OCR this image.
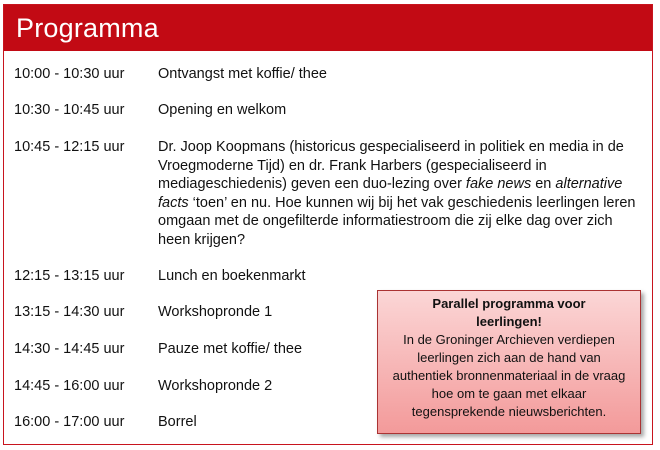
Programma
10:00 - 10:30 uur Ontvangst met koffie/ thee
10:30 - 10:45 uur Opening en welkom
10:45 - 12:15 uur Dr. Joop Koopmans (historicus gespecialiseerd in politiek en media in de Vroegmoderne Tijd) en dr. Frank Harbers (gespecialiseerd in mediageschiedenis) geven een duo-lezing over fake news en alternative facts ‘toen’ en nu. Hoe kunnen wij bij het vak geschiedenis leerlingen leren omgaan met de ongefilterde informatiestroom die zij elke dag over zich heen krijgen?
12:15 - 13:15 uur Lunch en boekenmarkt
13:15 - 14:30 uur Workshopronde 1
14:30 - 14:45 uur Pauze met koffie/ thee
14:45 - 16:00 uur Workshopronde 2
16:00 - 17:00 uur Borrel
Parallel programma voor
leerlingen!
In de Groninger Archieven verdiepen leerlingen zich aan de hand van authentiek bronnenmateriaal in de vraag hoe om te gaan met elkaar tegensprekende nieuwsberichten.
